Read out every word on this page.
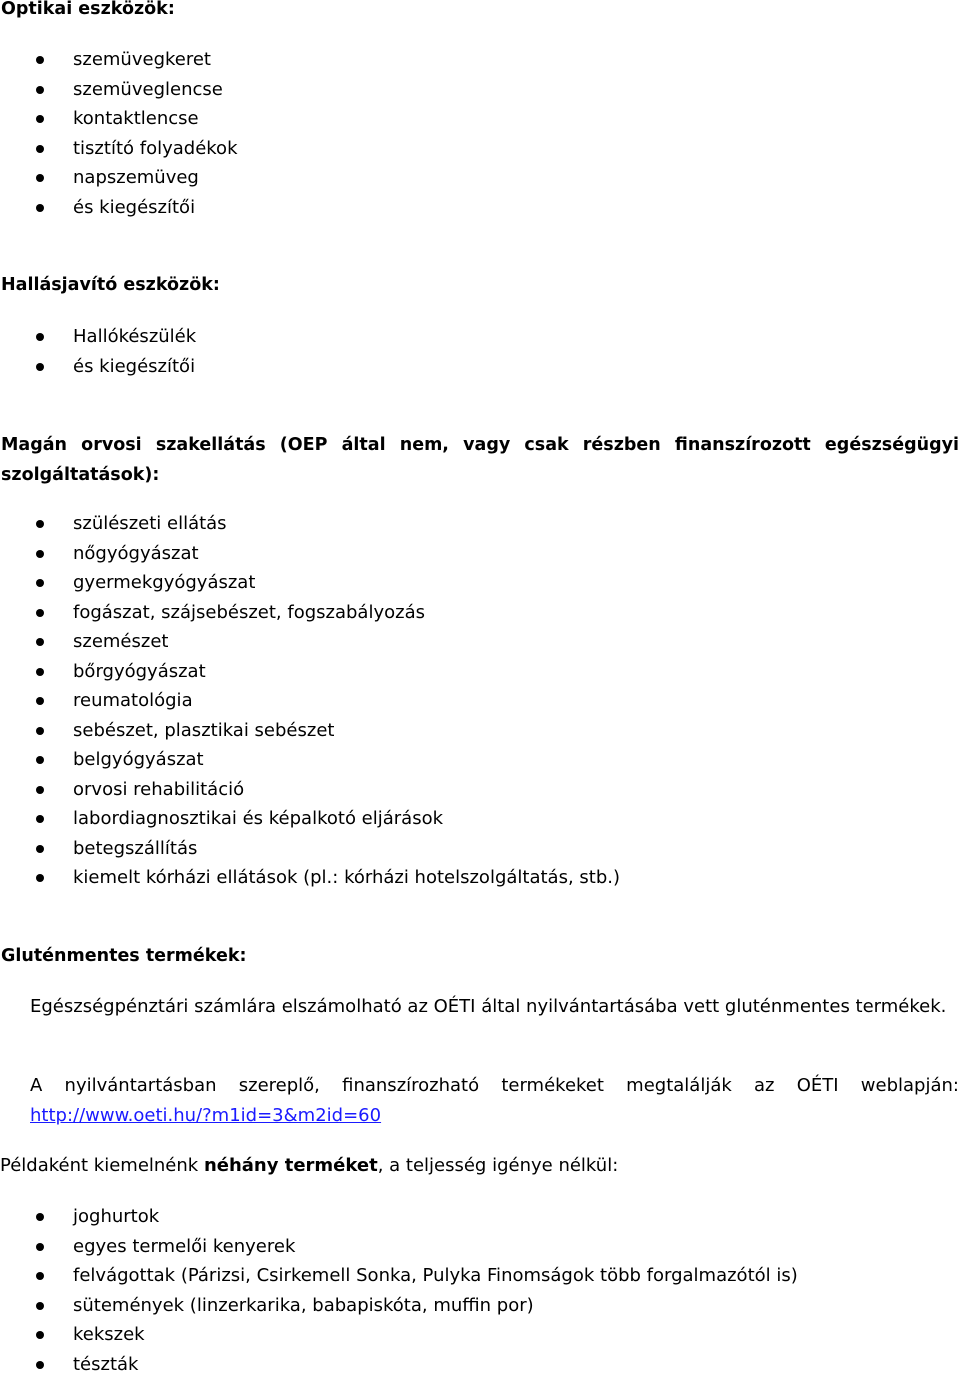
Optikai eszközök:
szemüvegkeret
szemüveglencse
kontaktlencse
tisztító folyadékok
napszemüveg
és kiegészítői
Hallásjavító eszközök:
Hallókészülék
és kiegészítői
Magán orvosi szakellátás (OEP által nem, vagy csak részben finanszírozott egészségügyi szolgáltatások):
szülészeti ellátás
nőgyógyászat
gyermekgyógyászat
fogászat, szájsebészet, fogszabályozás
szemészet
bőrgyógyászat
reumatológia
sebészet, plasztikai sebészet
belgyógyászat
orvosi rehabilitáció
labordiagnosztikai és képalkotó eljárások
betegszállítás
kiemelt kórházi ellátások (pl.: kórházi hotelszolgáltatás, stb.)
Gluténmentes termékek:

Egészségpénztári számlára elszámolható az OÉTI által nyilvántartásába vett gluténmentes termékek.

A nyilvántartásban szereplő, finanszírozható termékeket megtalálják az OÉTI weblapján: http://www.oeti.hu/?m1id=3&m2id=60

Példaként kiemelnénk néhány terméket, a teljesség igénye nélkül:

joghurtok
egyes termelői kenyerek
felvágottak (Párizsi, Csirkemell Sonka, Pulyka Finomságok több forgalmazótól is)
sütemények (linzerkarika, babapiskóta, muffin por)
kekszek
tészták
